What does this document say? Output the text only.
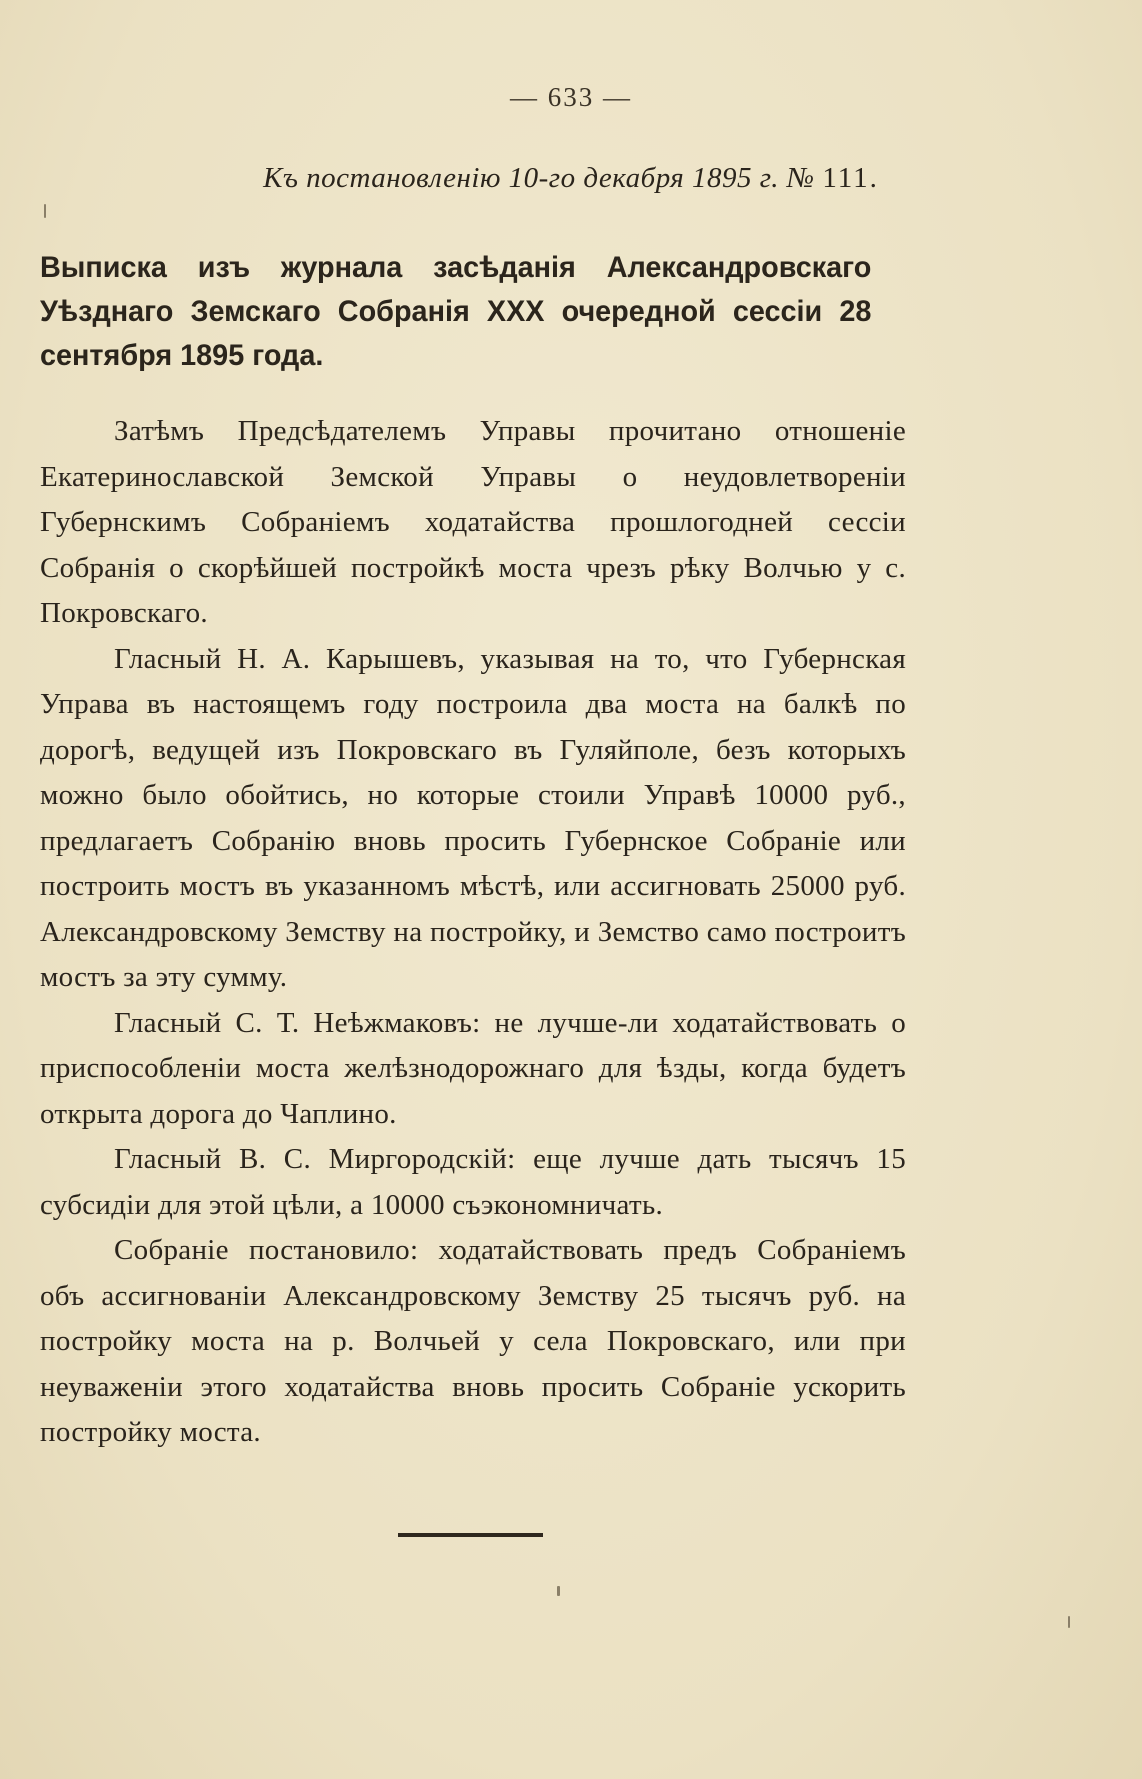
— 633 —
Къ постановленію 10-го декабря 1895 г. № 111.
Выписка изъ журнала засѣданія Александровскаго Уѣзднаго Земскаго Собранія XXX очередной сессіи 28 сентября 1895 года.

Затѣмъ Предсѣдателемъ Управы прочитано отношеніе Екатеринославской Земской Управы о неудовлетвореніи Губернскимъ Собраніемъ ходатайства прошлогодней сессіи Собранія о скорѣйшей постройкѣ моста чрезъ рѣку Волчью у с. Покровскаго.

Гласный Н. А. Карышевъ, указывая на то, что Губернская Управа въ настоящемъ году построила два моста на балкѣ по дорогѣ, ведущей изъ Покровскаго въ Гуляйполе, безъ которыхъ можно было обойтись, но которые стоили Управѣ 10000 руб., предлагаетъ Собранію вновь просить Губернское Собраніе или построить мостъ въ указанномъ мѣстѣ, или ассигновать 25000 руб. Александровскому Земству на постройку, и Земство само построитъ мостъ за эту сумму.

Гласный С. Т. Неѣжмаковъ: не лучше-ли ходатайствовать о приспособленіи моста желѣзнодорожнаго для ѣзды, когда будетъ открыта дорога до Чаплино.

Гласный В. С. Миргородскій: еще лучше дать тысячъ 15 субсидіи для этой цѣли, а 10000 съэкономничать.

Собраніе постановило: ходатайствовать предъ Собраніемъ объ ассигнованіи Александровскому Земству 25 тысячъ руб. на постройку моста на р. Волчьей у села Покровскаго, или при неуваженіи этого ходатайства вновь просить Собраніе ускорить постройку моста.
